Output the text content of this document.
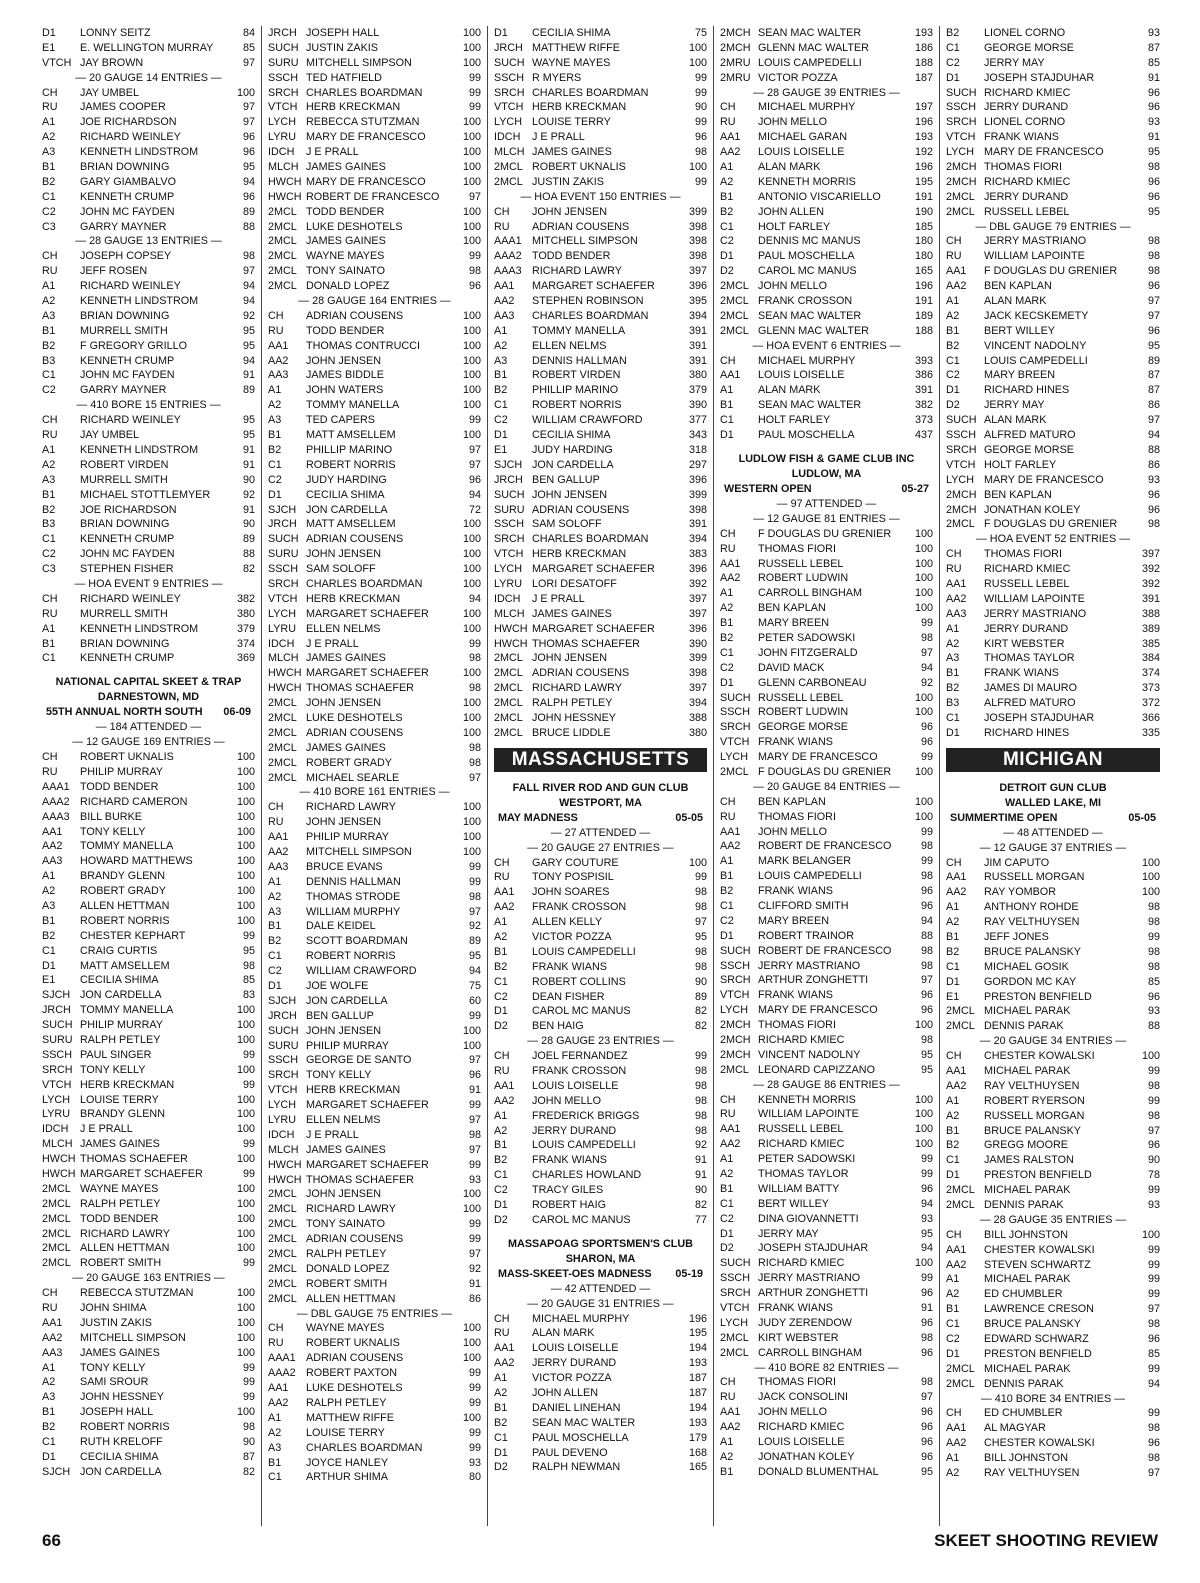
D1	LONNY SEITZ	84
E1	E. WELLINGTON MURRAY	85
VTCH JAY BROWN	97
— 20 GAUGE 14 ENTRIES —
CH	JAY UMBEL	100
RU	JAMES COOPER	97
A1	JOE RICHARDSON	97
A2	RICHARD WEINLEY	96
A3	KENNETH LINDSTROM	96
B1	BRIAN DOWNING	95
B2	GARY GIAMBALVO	94
C1	KENNETH CRUMP	96
C2	JOHN MC FAYDEN	89
C3	GARRY MAYNER	88
— 28 GAUGE 13 ENTRIES —
CH	JOSEPH COPSEY	98
RU	JEFF ROSEN	97
A1	RICHARD WEINLEY	94
A2	KENNETH LINDSTROM	94
A3	BRIAN DOWNING	92
B1	MURRELL SMITH	95
B2	F GREGORY GRILLO	95
B3	KENNETH CRUMP	94
C1	JOHN MC FAYDEN	91
C2	GARRY MAYNER	89
— 410 BORE 15 ENTRIES —
CH	RICHARD WEINLEY	95
RU	JAY UMBEL	95
A1	KENNETH LINDSTROM	91
A2	ROBERT VIRDEN	91
A3	MURRELL SMITH	90
B1	MICHAEL STOTTLEMYER	92
B2	JOE RICHARDSON	91
B3	BRIAN DOWNING	90
C1	KENNETH CRUMP	89
C2	JOHN MC FAYDEN	88
C3	STEPHEN FISHER	82
— HOA EVENT 9 ENTRIES —
CH	RICHARD WEINLEY	382
RU	MURRELL SMITH	380
A1	KENNETH LINDSTROM	379
B1	BRIAN DOWNING	374
C1	KENNETH CRUMP	369
NATIONAL CAPITAL SKEET & TRAP
DARNESTOWN, MD
55TH ANNUAL NORTH SOUTH 06-09
— 184 ATTENDED —
— 12 GAUGE 169 ENTRIES —
CH	ROBERT UKNALIS	100
RU	PHILIP MURRAY	100
AAA1 TODD BENDER	100
AAA2 RICHARD CAMERON	100
AAA3 BILL BURKE	100
AA1	TONY KELLY	100
AA2	TOMMY MANELLA	100
AA3	HOWARD MATTHEWS	100
A1	BRANDY GLENN	100
A2	ROBERT GRADY	100
A3	ALLEN HETTMAN	100
B1	ROBERT NORRIS	100
B2	CHESTER KEPHART	99
C1	CRAIG CURTIS	95
D1	MATT AMSELLEM	98
E1	CECILIA SHIMA	85
SJCH JON CARDELLA	83
JRCH TOMMY MANELLA	100
SUCH PHILIP MURRAY	100
SURU RALPH PETLEY	100
SSCH PAUL SINGER	99
SRCH TONY KELLY	100
VTCH HERB KRECKMAN	99
LYCH LOUISE TERRY	100
LYRU BRANDY GLENN	100
IDCH	J E PRALL	100
MLCH JAMES GAINES	99
HWCH THOMAS SCHAEFER	100
HWCH MARGARET SCHAEFER	99
2MCL WAYNE MAYES	100
2MCL RALPH PETLEY	100
2MCL TODD BENDER	100
2MCL RICHARD LAWRY	100
2MCL ALLEN HETTMAN	100
2MCL ROBERT SMITH	99
— 20 GAUGE 163 ENTRIES —
CH	REBECCA STUTZMAN	100
RU	JOHN SHIMA	100
AA1	JUSTIN ZAKIS	100
AA2	MITCHELL SIMPSON	100
AA3	JAMES GAINES	100
A1	TONY KELLY	99
A2	SAMI SROUR	99
A3	JOHN HESSNEY	99
B1	JOSEPH HALL	100
B2	ROBERT NORRIS	98
C1	RUTH KRELOFF	90
D1	CECILIA SHIMA	87
SJCH JON CARDELLA	82
JRCH JOSEPH HALL	100
SUCH JUSTIN ZAKIS	100
SURU MITCHELL SIMPSON	100
SSCH TED HATFIELD	99
SRCH CHARLES BOARDMAN	99
VTCH HERB KRECKMAN	99
LYCH REBECCA STUTZMAN	100
LYRU MARY DE FRANCESCO	100
IDCH	J E PRALL	100
MLCH JAMES GAINES	100
HWCH MARY DE FRANCESCO	100
HWCH ROBERT DE FRANCESCO	97
2MCL TODD BENDER	100
2MCL LUKE DESHOTELS	100
2MCL JAMES GAINES	100
2MCL WAYNE MAYES	99
2MCL TONY SAINATO	98
2MCL DONALD LOPEZ	96
— 28 GAUGE 164 ENTRIES —
CH	ADRIAN COUSENS	100
RU	TODD BENDER	100
AA1	THOMAS CONTRUCCI	100
AA2	JOHN JENSEN	100
AA3	JAMES BIDDLE	100
A1	JOHN WATERS	100
A2	TOMMY MANELLA	100
A3	TED CAPERS	99
B1	MATT AMSELLEM	100
B2	PHILLIP MARINO	97
C1	ROBERT NORRIS	97
C2	JUDY HARDING	96
D1	CECILIA SHIMA	94
SJCH JON CARDELLA	72
JRCH MATT AMSELLEM	100
SUCH ADRIAN COUSENS	100
SURU JOHN JENSEN	100
SSCH SAM SOLOFF	100
SRCH CHARLES BOARDMAN	100
VTCH HERB KRECKMAN	94
LYCH MARGARET SCHAEFER	100
LYRU ELLEN NELMS	100
IDCH	J E PRALL	99
MLCH JAMES GAINES	98
HWCH MARGARET SCHAEFER	100
HWCH THOMAS SCHAEFER	98
2MCL JOHN JENSEN	100
2MCL LUKE DESHOTELS	100
2MCL ADRIAN COUSENS	100
2MCL JAMES GAINES	98
2MCL ROBERT GRADY	98
2MCL MICHAEL SEARLE	97
— 410 BORE 161 ENTRIES —
CH	RICHARD LAWRY	100
RU	JOHN JENSEN	100
AA1	PHILIP MURRAY	100
AA2	MITCHELL SIMPSON	100
AA3	BRUCE EVANS	99
A1	DENNIS HALLMAN	99
A2	THOMAS STRODE	98
A3	WILLIAM MURPHY	97
B1	DALE KEIDEL	92
B2	SCOTT BOARDMAN	89
C1	ROBERT NORRIS	95
C2	WILLIAM CRAWFORD	94
D1	JOE WOLFE	75
SJCH JON CARDELLA	60
JRCH BEN GALLUP	99
SUCH JOHN JENSEN	100
SURU PHILIP MURRAY	100
SSCH GEORGE DE SANTO	97
SRCH TONY KELLY	96
VTCH HERB KRECKMAN	91
LYCH MARGARET SCHAEFER	99
LYRU ELLEN NELMS	97
IDCH	J E PRALL	98
MLCH JAMES GAINES	97
HWCH MARGARET SCHAEFER	99
HWCH THOMAS SCHAEFER	93
2MCL JOHN JENSEN	100
2MCL RICHARD LAWRY	100
2MCL TONY SAINATO	99
2MCL ADRIAN COUSENS	99
2MCL RALPH PETLEY	97
2MCL DONALD LOPEZ	92
2MCL ROBERT SMITH	91
2MCL ALLEN HETTMAN	86
— DBL GAUGE 75 ENTRIES —
CH	WAYNE MAYES	100
RU	ROBERT UKNALIS	100
AAA1 ADRIAN COUSENS	100
AAA2 ROBERT PAXTON	99
AA1	LUKE DESHOTELS	99
AA2	RALPH PETLEY	99
A1	MATTHEW RIFFE	100
A2	LOUISE TERRY	99
A3	CHARLES BOARDMAN	99
B1	JOYCE HANLEY	93
C1	ARTHUR SHIMA	80
D1	CECILIA SHIMA	75
JRCH MATTHEW RIFFE	100
SUCH WAYNE MAYES	100
SSCH R MYERS	99
SRCH CHARLES BOARDMAN	99
VTCH HERB KRECKMAN	90
LYCH LOUISE TERRY	99
IDCH	J E PRALL	96
MLCH JAMES GAINES	98
2MCL ROBERT UKNALIS	100
2MCL JUSTIN ZAKIS	99
— HOA EVENT 150 ENTRIES —
CH	JOHN JENSEN	399
RU	ADRIAN COUSENS	398
AAA1 MITCHELL SIMPSON	398
AAA2 TODD BENDER	398
AAA3 RICHARD LAWRY	397
AA1	MARGARET SCHAEFER	396
AA2	STEPHEN ROBINSON	395
AA3	CHARLES BOARDMAN	394
A1	TOMMY MANELLA	391
A2	ELLEN NELMS	391
A3	DENNIS HALLMAN	391
B1	ROBERT VIRDEN	380
B2	PHILLIP MARINO	379
C1	ROBERT NORRIS	390
C2	WILLIAM CRAWFORD	377
D1	CECILIA SHIMA	343
E1	JUDY HARDING	318
SJCH JON CARDELLA	297
JRCH BEN GALLUP	396
SUCH JOHN JENSEN	399
SURU ADRIAN COUSENS	398
SSCH SAM SOLOFF	391
SRCH CHARLES BOARDMAN	394
VTCH HERB KRECKMAN	383
LYCH MARGARET SCHAEFER	396
LYRU LORI DESATOFF	392
IDCH	J E PRALL	397
MLCH JAMES GAINES	397
HWCH MARGARET SCHAEFER	396
HWCH THOMAS SCHAEFER	390
2MCL JOHN JENSEN	399
2MCL ADRIAN COUSENS	398
2MCL RICHARD LAWRY	397
2MCL RALPH PETLEY	394
2MCL JOHN HESSNEY	388
2MCL BRUCE LIDDLE	380
MASSACHUSETTS
FALL RIVER ROD AND GUN CLUB
WESTPORT, MA
MAY MADNESS	05-05
— 27 ATTENDED —
— 20 GAUGE 27 ENTRIES —
CH	GARY COUTURE	100
RU	TONY POSPISIL	99
AA1	JOHN SOARES	98
AA2	FRANK CROSSON	98
A1	ALLEN KELLY	97
A2	VICTOR POZZA	95
B1	LOUIS CAMPEDELLI	98
B2	FRANK WIANS	98
C1	ROBERT COLLINS	90
C2	DEAN FISHER	89
D1	CAROL MC MANUS	82
D2	BEN HAIG	82
— 28 GAUGE 23 ENTRIES —
CH	JOEL FERNANDEZ	99
RU	FRANK CROSSON	98
AA1	LOUIS LOISELLE	98
AA2	JOHN MELLO	98
A1	FREDERICK BRIGGS	98
A2	JERRY DURAND	98
B1	LOUIS CAMPEDELLI	92
B2	FRANK WIANS	91
C1	CHARLES HOWLAND	91
C2	TRACY GILES	90
D1	ROBERT HAIG	82
D2	CAROL MC MANUS	77
MASSAPOAG SPORTSMEN'S CLUB
SHARON, MA
MASS-SKEET-OES MADNESS 05-19
— 42 ATTENDED —
— 20 GAUGE 31 ENTRIES —
CH	MICHAEL MURPHY	196
RU	ALAN MARK	195
AA1	LOUIS LOISELLE	194
AA2	JERRY DURAND	193
A1	VICTOR POZZA	187
A2	JOHN ALLEN	187
B1	DANIEL LINEHAN	194
B2	SEAN MAC WALTER	193
C1	PAUL MOSCHELLA	179
D1	PAUL DEVENO	168
D2	RALPH NEWMAN	165
2MCH SEAN MAC WALTER	193
2MCH GLENN MAC WALTER	186
2MRU LOUIS CAMPEDELLI	188
2MRU VICTOR POZZA	187
— 28 GAUGE 39 ENTRIES —
CH	MICHAEL MURPHY	197
RU	JOHN MELLO	196
AA1	MICHAEL GARAN	193
AA2	LOUIS LOISELLE	192
A1	ALAN MARK	196
A2	KENNETH MORRIS	195
B1	ANTONIO VISCARIELLO	191
B2	JOHN ALLEN	190
C1	HOLT FARLEY	185
C2	DENNIS MC MANUS	180
D1	PAUL MOSCHELLA	180
D2	CAROL MC MANUS	165
2MCL JOHN MELLO	196
2MCL FRANK CROSSON	191
2MCL SEAN MAC WALTER	189
2MCL GLENN MAC WALTER	188
— HOA EVENT 6 ENTRIES —
CH	MICHAEL MURPHY	393
AA1	LOUIS LOISELLE	386
A1	ALAN MARK	391
B1	SEAN MAC WALTER	382
C1	HOLT FARLEY	373
D1	PAUL MOSCHELLA	437
LUDLOW FISH & GAME CLUB INC
LUDLOW, MA
WESTERN OPEN	05-27
— 97 ATTENDED —
— 12 GAUGE 81 ENTRIES —
CH	F DOUGLAS DU GRENIER	100
RU	THOMAS FIORI	100
AA1	RUSSELL LEBEL	100
AA2	ROBERT LUDWIN	100
A1	CARROLL BINGHAM	100
A2	BEN KAPLAN	100
B1	MARY BREEN	99
B2	PETER SADOWSKI	98
C1	JOHN FITZGERALD	97
C2	DAVID MACK	94
D1	GLENN CARBONEAU	92
SUCH RUSSELL LEBEL	100
SSCH ROBERT LUDWIN	100
SRCH GEORGE MORSE	96
VTCH FRANK WIANS	96
LYCH MARY DE FRANCESCO	99
2MCL F DOUGLAS DU GRENIER	100
— 20 GAUGE 84 ENTRIES —
CH	BEN KAPLAN	100
RU	THOMAS FIORI	100
AA1	JOHN MELLO	99
AA2	ROBERT DE FRANCESCO	98
A1	MARK BELANGER	99
B1	LOUIS CAMPEDELLI	98
B2	FRANK WIANS	96
C1	CLIFFORD SMITH	96
C2	MARY BREEN	94
D1	ROBERT TRAINOR	88
SUCH ROBERT DE FRANCESCO	98
SSCH JERRY MASTRIANO	98
SRCH ARTHUR ZONGHETTI	97
VTCH FRANK WIANS	96
LYCH MARY DE FRANCESCO	96
2MCH THOMAS FIORI	100
2MCH RICHARD KMIEC	98
2MCH VINCENT NADOLNY	95
2MCL LEONARD CAPIZZANO	95
— 28 GAUGE 86 ENTRIES —
CH	KENNETH MORRIS	100
RU	WILLIAM LAPOINTE	100
AA1	RUSSELL LEBEL	100
AA2	RICHARD KMIEC	100
A1	PETER SADOWSKI	99
A2	THOMAS TAYLOR	99
B1	WILLIAM BATTY	96
C1	BERT WILLEY	94
C2	DINA GIOVANNETTI	93
D1	JERRY MAY	95
D2	JOSEPH STAJDUHAR	94
SUCH RICHARD KMIEC	100
SSCH JERRY MASTRIANO	99
SRCH ARTHUR ZONGHETTI	96
VTCH FRANK WIANS	91
LYCH JUDY ZERENDOW	96
2MCL KIRT WEBSTER	98
2MCL CARROLL BINGHAM	96
— 410 BORE 82 ENTRIES —
CH	THOMAS FIORI	98
RU	JACK CONSOLINI	97
AA1	JOHN MELLO	96
AA2	RICHARD KMIEC	96
A1	LOUIS LOISELLE	96
A2	JONATHAN KOLEY	96
B1	DONALD BLUMENTHAL	95
B2	LIONEL CORNO	93
C1	GEORGE MORSE	87
C2	JERRY MAY	85
D1	JOSEPH STAJDUHAR	91
SUCH RICHARD KMIEC	96
SSCH JERRY DURAND	96
SRCH LIONEL CORNO	93
VTCH FRANK WIANS	91
LYCH MARY DE FRANCESCO	95
2MCH THOMAS FIORI	98
2MCH RICHARD KMIEC	96
2MCL JERRY DURAND	96
2MCL RUSSELL LEBEL	95
— DBL GAUGE 79 ENTRIES —
CH	JERRY MASTRIANO	98
RU	WILLIAM LAPOINTE	98
AA1	F DOUGLAS DU GRENIER	98
AA2	BEN KAPLAN	96
A1	ALAN MARK	97
A2	JACK KECSKEMETY	97
B1	BERT WILLEY	96
B2	VINCENT NADOLNY	95
C1	LOUIS CAMPEDELLI	89
C2	MARY BREEN	87
D1	RICHARD HINES	87
D2	JERRY MAY	86
SUCH ALAN MARK	97
SSCH ALFRED MATURO	94
SRCH GEORGE MORSE	88
VTCH HOLT FARLEY	86
LYCH MARY DE FRANCESCO	93
2MCH BEN KAPLAN	96
2MCH JONATHAN KOLEY	96
2MCL F DOUGLAS DU GRENIER	98
— HOA EVENT 52 ENTRIES —
CH	THOMAS FIORI	397
RU	RICHARD KMIEC	392
AA1	RUSSELL LEBEL	392
AA2	WILLIAM LAPOINTE	391
AA3	JERRY MASTRIANO	388
A1	JERRY DURAND	389
A2	KIRT WEBSTER	385
A3	THOMAS TAYLOR	384
B1	FRANK WIANS	374
B2	JAMES DI MAURO	373
B3	ALFRED MATURO	372
C1	JOSEPH STAJDUHAR	366
D1	RICHARD HINES	335
MICHIGAN
DETROIT GUN CLUB
WALLED LAKE, MI
SUMMERTIME OPEN	05-05
— 48 ATTENDED —
— 12 GAUGE 37 ENTRIES —
CH	JIM CAPUTO	100
AA1	RUSSELL MORGAN	100
AA2	RAY YOMBOR	100
A1	ANTHONY ROHDE	98
A2	RAY VELTHUYSEN	98
B1	JEFF JONES	99
B2	BRUCE PALANSKY	98
C1	MICHAEL GOSIK	98
D1	GORDON MC KAY	85
E1	PRESTON BENFIELD	96
2MCL MICHAEL PARAK	93
2MCL DENNIS PARAK	88
— 20 GAUGE 34 ENTRIES —
CH	CHESTER KOWALSKI	100
AA1	MICHAEL PARAK	99
AA2	RAY VELTHUYSEN	98
A1	ROBERT RYERSON	99
A2	RUSSELL MORGAN	98
B1	BRUCE PALANSKY	97
B2	GREGG MOORE	96
C1	JAMES RALSTON	90
D1	PRESTON BENFIELD	78
2MCL MICHAEL PARAK	99
2MCL DENNIS PARAK	93
— 28 GAUGE 35 ENTRIES —
CH	BILL JOHNSTON	100
AA1	CHESTER KOWALSKI	99
AA2	STEVEN SCHWARTZ	99
A1	MICHAEL PARAK	99
A2	ED CHUMBLER	99
B1	LAWRENCE CRESON	97
C1	BRUCE PALANSKY	98
C2	EDWARD SCHWARZ	96
D1	PRESTON BENFIELD	85
2MCL MICHAEL PARAK	99
2MCL DENNIS PARAK	94
— 410 BORE 34 ENTRIES —
CH	ED CHUMBLER	99
AA1	AL MAGYAR	98
AA2	CHESTER KOWALSKI	96
A1	BILL JOHNSTON	98
A2	RAY VELTHUYSEN	97
66	SKEET SHOOTING REVIEW
